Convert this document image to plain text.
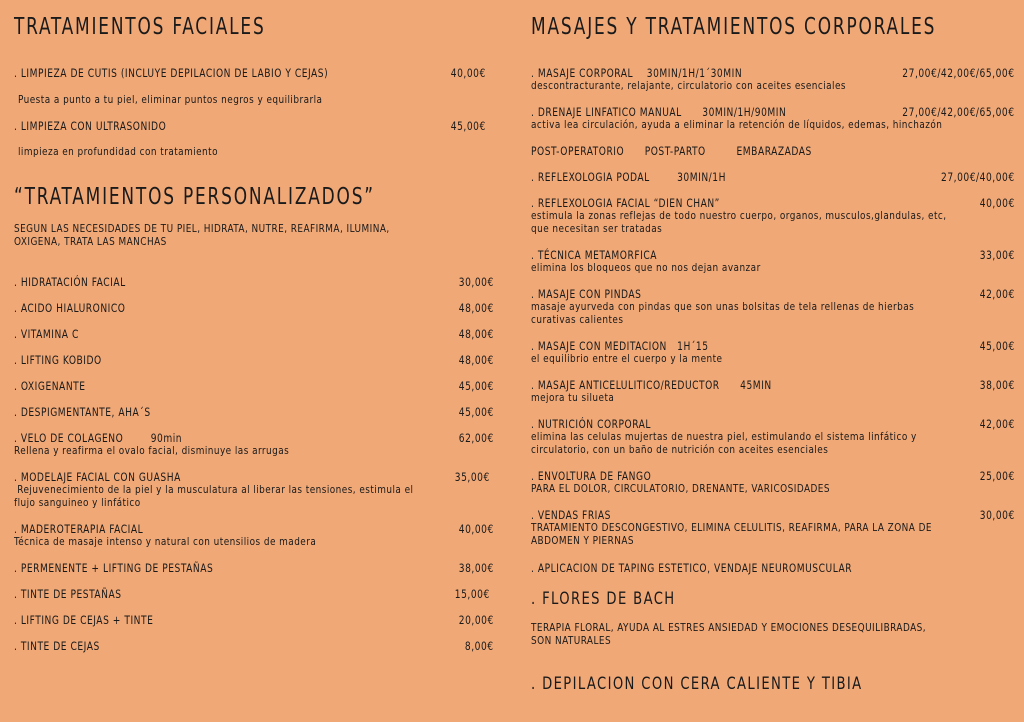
TRATAMIENTOS FACIALES
. LIMPIEZA DE CUTIS (INCLUYE DEPILACION DE LABIO Y CEJAS)	40,00€
Puesta a punto a tu piel, eliminar puntos negros y equilibrarla
. LIMPIEZA CON ULTRASONIDO	45,00€
limpieza en profundidad con tratamiento
“TRATAMIENTOS PERSONALIZADOS”
SEGUN LAS NECESIDADES DE TU PIEL, HIDRATA, NUTRE, REAFIRMA, ILUMINA,
OXIGENA, TRATA LAS MANCHAS
. HIDRATACIÓN FACIAL	30,00€
. ACIDO HIALURONICO	48,00€
. VITAMINA C	48,00€
. LIFTING KOBIDO	48,00€
. OXIGENANTE	45,00€
. DESPIGMENTANTE, AHA´S	45,00€
. VELO DE COLAGENO        90min	62,00€
Rellena y reafirma el ovalo facial, disminuye las arrugas
. MODELAJE FACIAL CON GUASHA	35,00€
Rejuvenecimiento de la piel y la musculatura al liberar las tensiones, estimula el
flujo sanguineo y linfático
. MADEROTERAPIA FACIAL	40,00€
Técnica de masaje intenso y natural con utensilios de madera
. PERMENENTE + LIFTING DE PESTAÑAS	38,00€
. TINTE DE PESTAÑAS	15,00€
. LIFTING DE CEJAS + TINTE	20,00€
. TINTE DE CEJAS	8,00€
MASAJES Y TRATAMIENTOS CORPORALES
. MASAJE CORPORAL    30MIN/1H/1´30MIN	27,00€/42,00€/65,00€
descontracturante, relajante, circulatorio con aceites esenciales
. DRENAJE LINFATICO MANUAL      30MIN/1H/90MIN	27,00€/42,00€/65,00€
activa lea circulación, ayuda a eliminar la retención de líquidos, edemas, hinchazón
POST-OPERATORIO      POST-PARTO         EMBARAZADAS
. REFLEXOLOGIA PODAL        30MIN/1H	27,00€/40,00€
. REFLEXOLOGIA FACIAL “DIEN CHAN”	40,00€
estimula la zonas reflejas de todo nuestro cuerpo, organos, musculos,glandulas, etc,
que necesitan ser tratadas
. TÉCNICA METAMORFICA	33,00€
elimina los bloqueos que no nos dejan avanzar
. MASAJE CON PINDAS	42,00€
masaje ayurveda con pindas que son unas bolsitas de tela rellenas de hierbas
curativas calientes
. MASAJE CON MEDITACION   1H´15	45,00€
el equilibrio entre el cuerpo y la mente
. MASAJE ANTICELULITICO/REDUCTOR      45MIN	38,00€
mejora tu silueta
. NUTRICIÓN CORPORAL	42,00€
elimina las celulas mujertas de nuestra piel, estimulando el sistema linfático y
circulatorio, con un baño de nutrición con aceites esenciales
. ENVOLTURA DE FANGO	25,00€
PARA EL DOLOR, CIRCULATORIO, DRENANTE, VARICOSIDADES
. VENDAS FRIAS	30,00€
TRATAMIENTO DESCONGESTIVO, ELIMINA CELULITIS, REAFIRMA, PARA LA ZONA DE
ABDOMEN Y PIERNAS
. APLICACION DE TAPING ESTETICO, VENDAJE NEUROMUSCULAR
. FLORES DE BACH
TERAPIA FLORAL, AYUDA AL ESTRES ANSIEDAD Y EMOCIONES DESEQUILIBRADAS,
SON NATURALES
. DEPILACION CON CERA CALIENTE Y TIBIA
